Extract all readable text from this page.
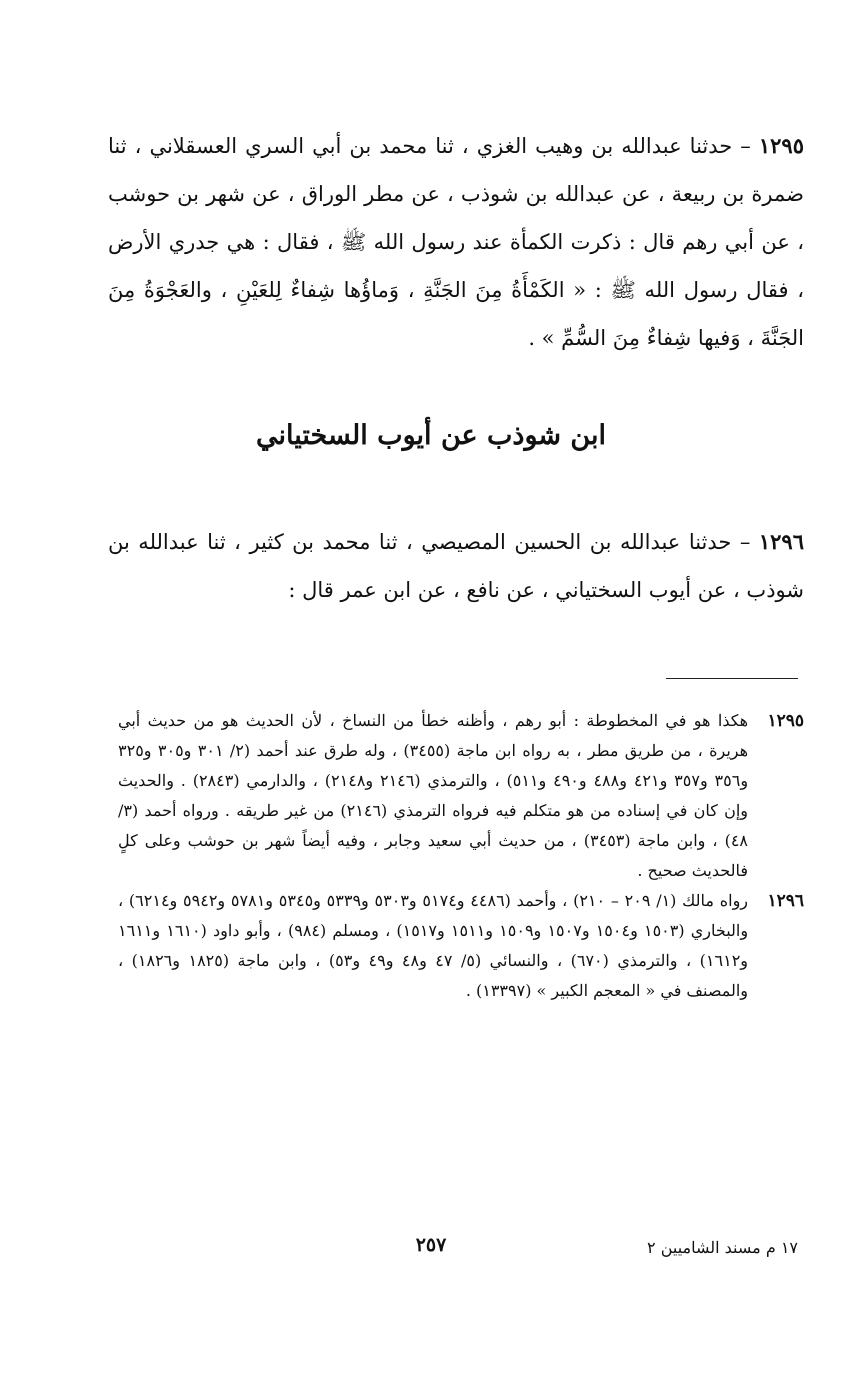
١٢٩٥ – حدثنا عبدالله بن وهيب الغزي ، ثنا محمد بن أبي السري العسقلاني ، ثنا ضمرة بن ربيعة ، عن عبدالله بن شوذب ، عن مطر الوراق ، عن شهر بن حوشب ، عن أبي رهم قال : ذكرت الكمأة عند رسول الله ﷺ ، فقال : هي جدري الأرض ، فقال رسول الله ﷺ : « الكَمْأَةُ مِنَ الجَنَّةِ ، وَماؤُها شِفاءٌ لِلعَيْنِ ، والعَجْوَةُ مِنَ الجَنَّةَ ، وَفيها شِفاءٌ مِنَ السُّمِّ » .

ابن شوذب عن أيوب السختياني

١٢٩٦ – حدثنا عبدالله بن الحسين المصيصي ، ثنا محمد بن كثير ، ثنا عبدالله بن شوذب ، عن أيوب السختياني ، عن نافع ، عن ابن عمر قال :

١٢٩٥
هكذا هو في المخطوطة : أبو رهم ، وأظنه خطأ من النساخ ، لأن الحديث هو من حديث أبي هريرة ، من طريق مطر ، به رواه ابن ماجة (٣٤٥٥) ، وله طرق عند أحمد (٢/ ٣٠١ و٣٠٥ و٣٢٥ و٣٥٦ و٣٥٧ و٤٢١ و٤٨٨ و٤٩٠ و٥١١) ، والترمذي (٢١٤٦ و٢١٤٨) ، والدارمي (٢٨٤٣) . والحديث وإن كان في إسناده من هو متكلم فيه فرواه الترمذي (٢١٤٦) من غير طريقه . ورواه أحمد (٣/ ٤٨) ، وابن ماجة (٣٤٥٣) ، من حديث أبي سعيد وجابر ، وفيه أيضاً شهر بن حوشب وعلى كلٍ فالحديث صحيح .

١٢٩٦
رواه مالك (١/ ٢٠٩ – ٢١٠) ، وأحمد (٤٤٨٦ و٥١٧٤ و٥٣٠٣ و٥٣٣٩ و٥٣٤٥ و٥٧٨١ و٥٩٤٢ و٦٢١٤) ، والبخاري (١٥٠٣ و١٥٠٤ و١٥٠٧ و١٥٠٩ و١٥١١ و١٥١٧) ، ومسلم (٩٨٤) ، وأبو داود (١٦١٠ و١٦١١ و١٦١٢) ، والترمذي (٦٧٠) ، والنسائي (٥/ ٤٧ و٤٨ و٤٩ و٥٣) ، وابن ماجة (١٨٢٥ و١٨٢٦) ، والمصنف في « المعجم الكبير » (١٣٣٩٧) .

١٧ م مسند الشاميين ٢
٢٥٧
